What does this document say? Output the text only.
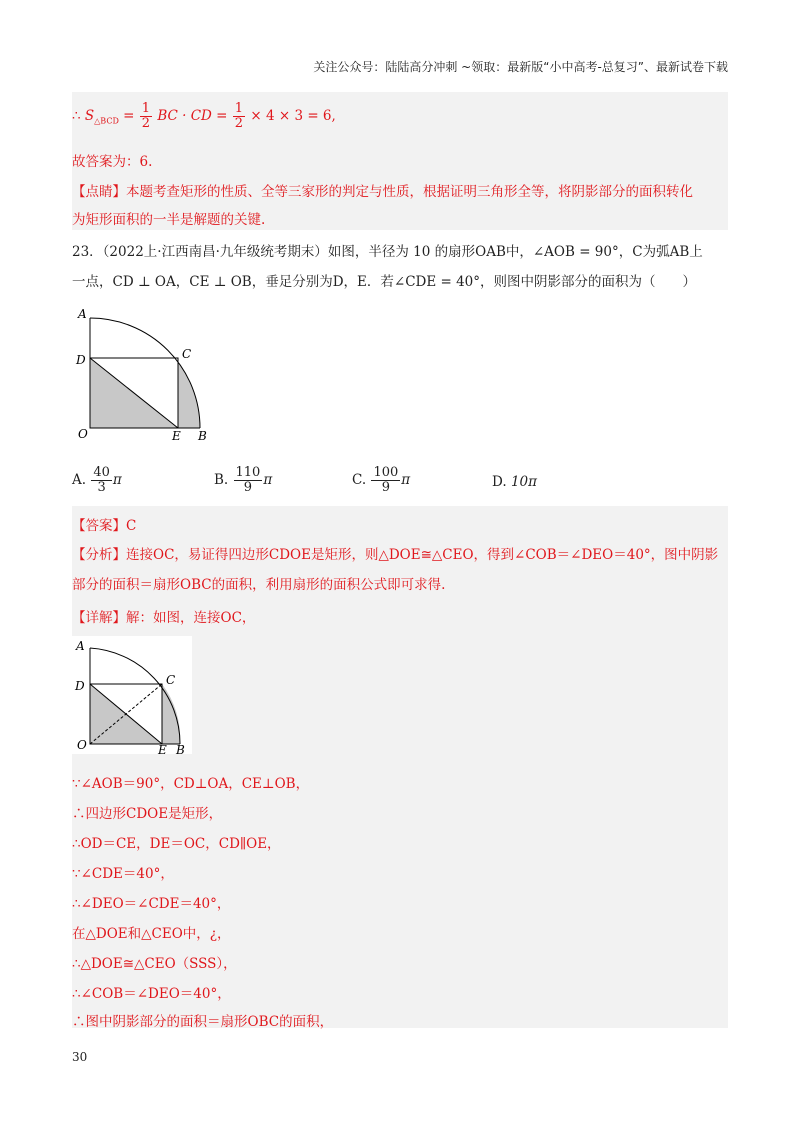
关注公众号：陆陆高分冲刺 ~领取：最新版“小中高考-总复习”、最新试卷下载
∴ $S_{\triangle BCD} = \frac{1}{2}$ BC · CD = $\frac{1}{2} \times 4 \times 3 = 6$,
故答案为：6.
【点睛】本题考查矩形的性质、全等三家形的判定与性质，根据证明三角形全等，将阴影部分的面积转化
为矩形面积的一半是解题的关键.
23．（2022上·江西南昌·九年级统考期末）如图，半径为 10 的扇形OAB中，∠AOB = 90°，C为弧AB上
一点，CD ⊥ OA，CE ⊥ OB，垂足分别为D，E．若∠CDE = 40°，则图中阴影部分的面积为（　　）
A
D	C
O	E B
A. $\frac{40}{3}$ π	B. $\frac{110}{9}$ π	C. $\frac{100}{9}$ π	D. 10π
【答案】C
【分析】连接OC，易证得四边形CDOE是矩形，则△DOE≅△CEO，得到∠COB＝∠DEO＝40°，图中阴影
部分的面积＝扇形OBC的面积，利用扇形的面积公式即可求得.
【详解】解：如图，连接OC，
A
D	C
O	E B
∵∠AOB＝90°，CD⊥OA，CE⊥OB，
∴四边形CDOE是矩形，
∴OD＝CE，DE＝OC，CD∥OE，
∵∠CDE＝40°，
∴∠DEO＝∠CDE＝40°，
在△DOE和△CEO中，¿，
∴△DOE≅△CEO（SSS），
∴∠COB＝∠DEO＝40°，
∴图中阴影部分的面积＝扇形OBC的面积，
30
